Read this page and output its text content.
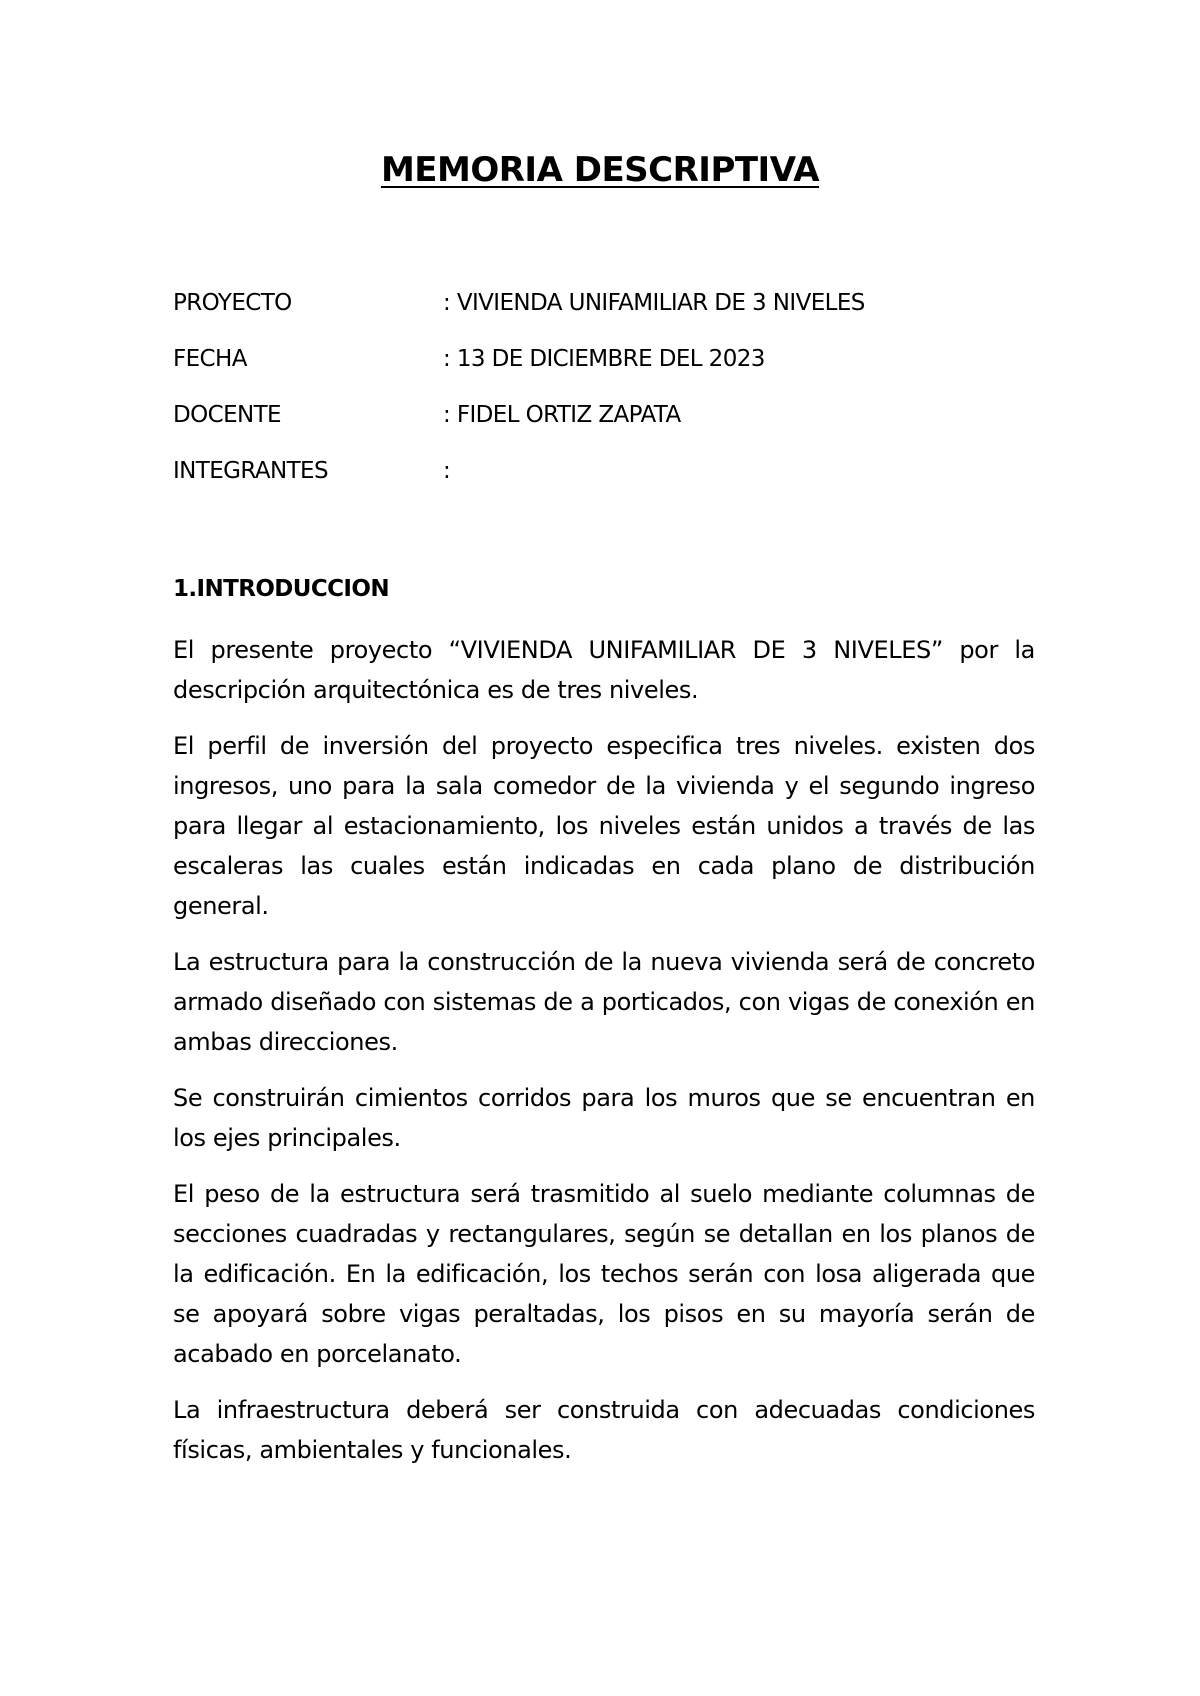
MEMORIA DESCRIPTIVA
PROYECTO	: VIVIENDA UNIFAMILIAR DE 3 NIVELES
FECHA	: 13 DE DICIEMBRE DEL 2023
DOCENTE	: FIDEL ORTIZ ZAPATA
INTEGRANTES	:
1.INTRODUCCION

El presente proyecto “VIVIENDA UNIFAMILIAR DE 3 NIVELES” por la descripción arquitectónica es de tres niveles.

El perfil de inversión del proyecto especifica tres niveles. existen dos ingresos, uno para la sala comedor de la vivienda y el segundo ingreso para llegar al estacionamiento, los niveles están unidos a través de las escaleras las cuales están indicadas en cada plano de distribución general.

La estructura para la construcción de la nueva vivienda será de concreto armado diseñado con sistemas de a porticados, con vigas de conexión en ambas direcciones.

Se construirán cimientos corridos para los muros que se encuentran en los ejes principales.

El peso de la estructura será trasmitido al suelo mediante columnas de secciones cuadradas y rectangulares, según se detallan en los planos de la edificación. En la edificación, los techos serán con losa aligerada que se apoyará sobre vigas peraltadas, los pisos en su mayoría serán de acabado en porcelanato.

La infraestructura deberá ser construida con adecuadas condiciones físicas, ambientales y funcionales.
